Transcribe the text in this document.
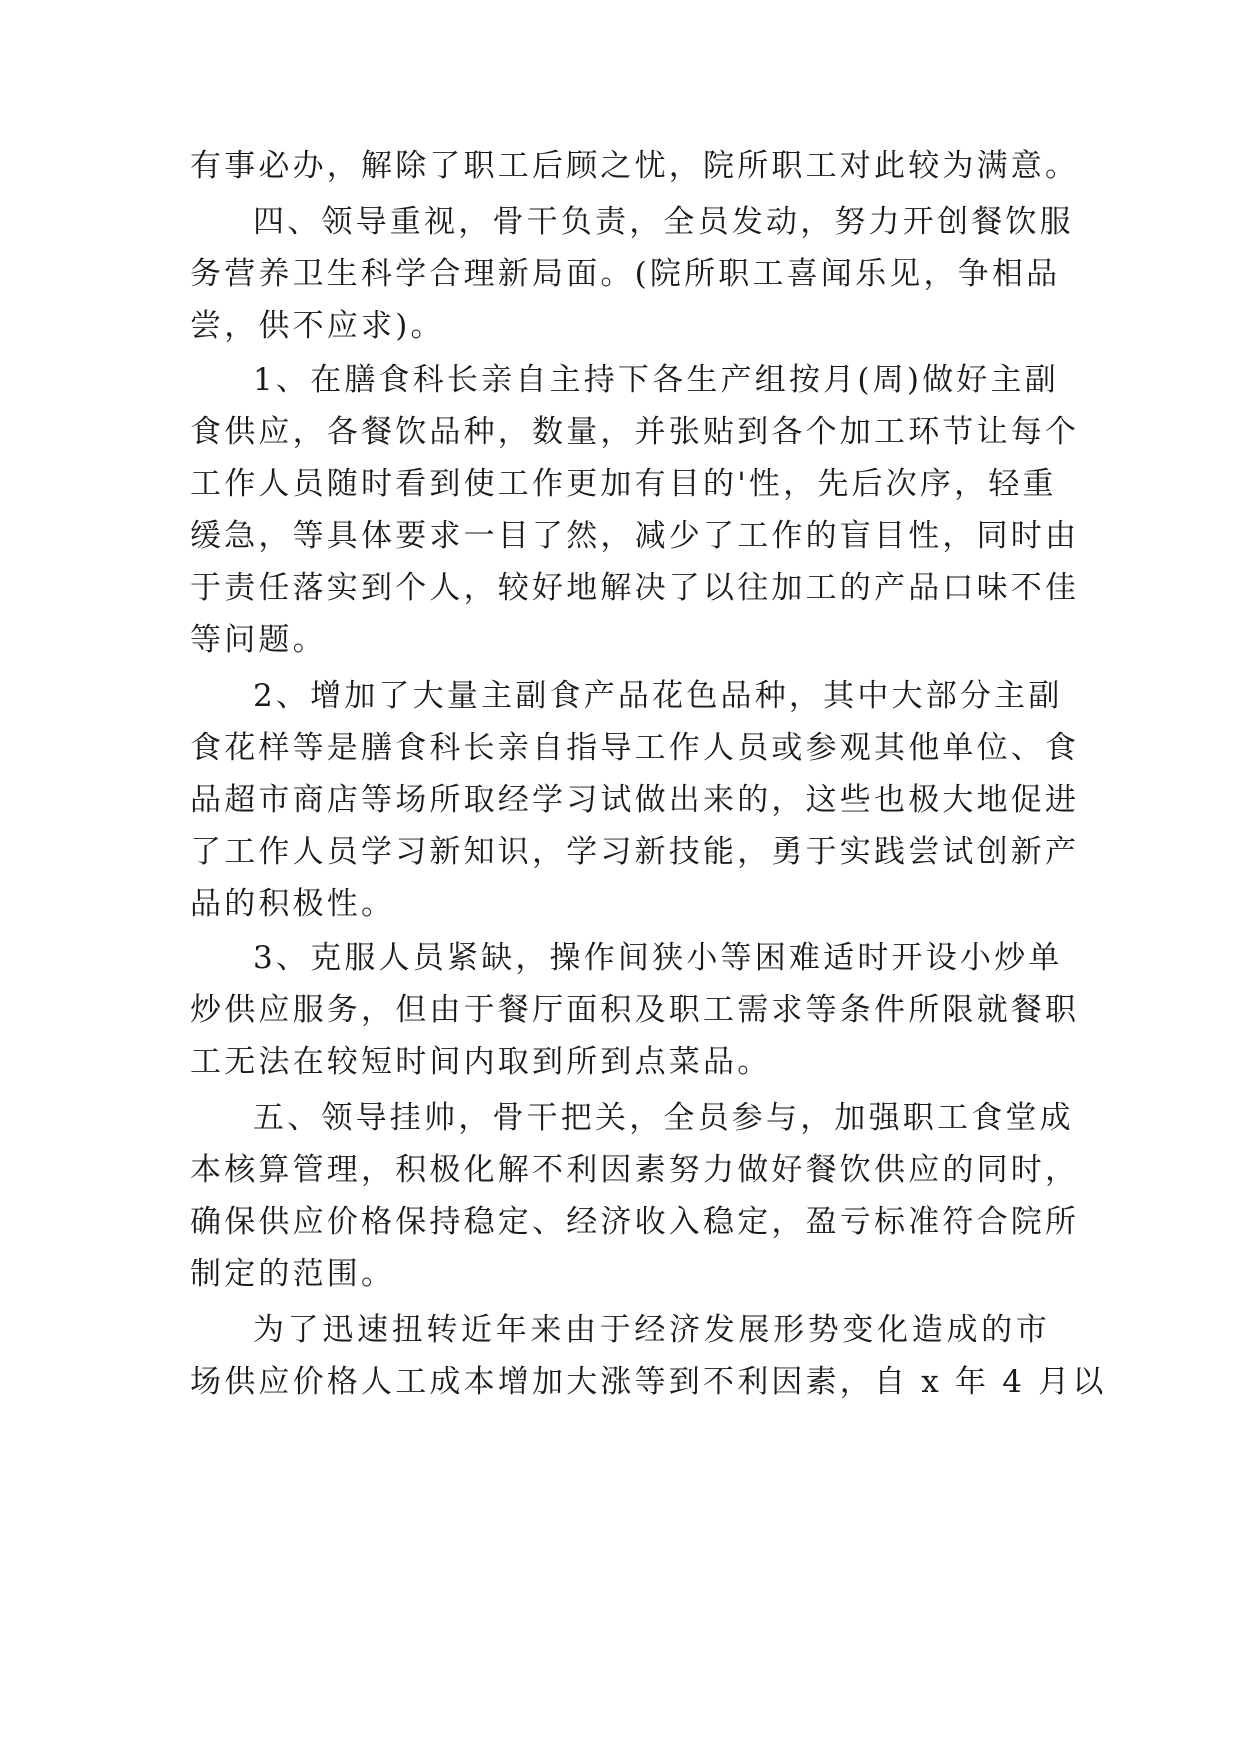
有事必办，解除了职工后顾之忧，院所职工对此较为满意。
四、领导重视，骨干负责，全员发动，努力开创餐饮服
务营养卫生科学合理新局面。(院所职工喜闻乐见，争相品
尝，供不应求)。
1、在膳食科长亲自主持下各生产组按月(周)做好主副
食供应，各餐饮品种，数量，并张贴到各个加工环节让每个
工作人员随时看到使工作更加有目的'性，先后次序，轻重
缓急，等具体要求一目了然，减少了工作的盲目性，同时由
于责任落实到个人，较好地解决了以往加工的产品口味不佳
等问题。
2、增加了大量主副食产品花色品种，其中大部分主副
食花样等是膳食科长亲自指导工作人员或参观其他单位、食
品超市商店等场所取经学习试做出来的，这些也极大地促进
了工作人员学习新知识，学习新技能，勇于实践尝试创新产
品的积极性。
3、克服人员紧缺，操作间狭小等困难适时开设小炒单
炒供应服务，但由于餐厅面积及职工需求等条件所限就餐职
工无法在较短时间内取到所到点菜品。
五、领导挂帅，骨干把关，全员参与，加强职工食堂成
本核算管理，积极化解不利因素努力做好餐饮供应的同时，
确保供应价格保持稳定、经济收入稳定，盈亏标准符合院所
制定的范围。
为了迅速扭转近年来由于经济发展形势变化造成的市
场供应价格人工成本增加大涨等到不利因素，自 x 年 4 月以
